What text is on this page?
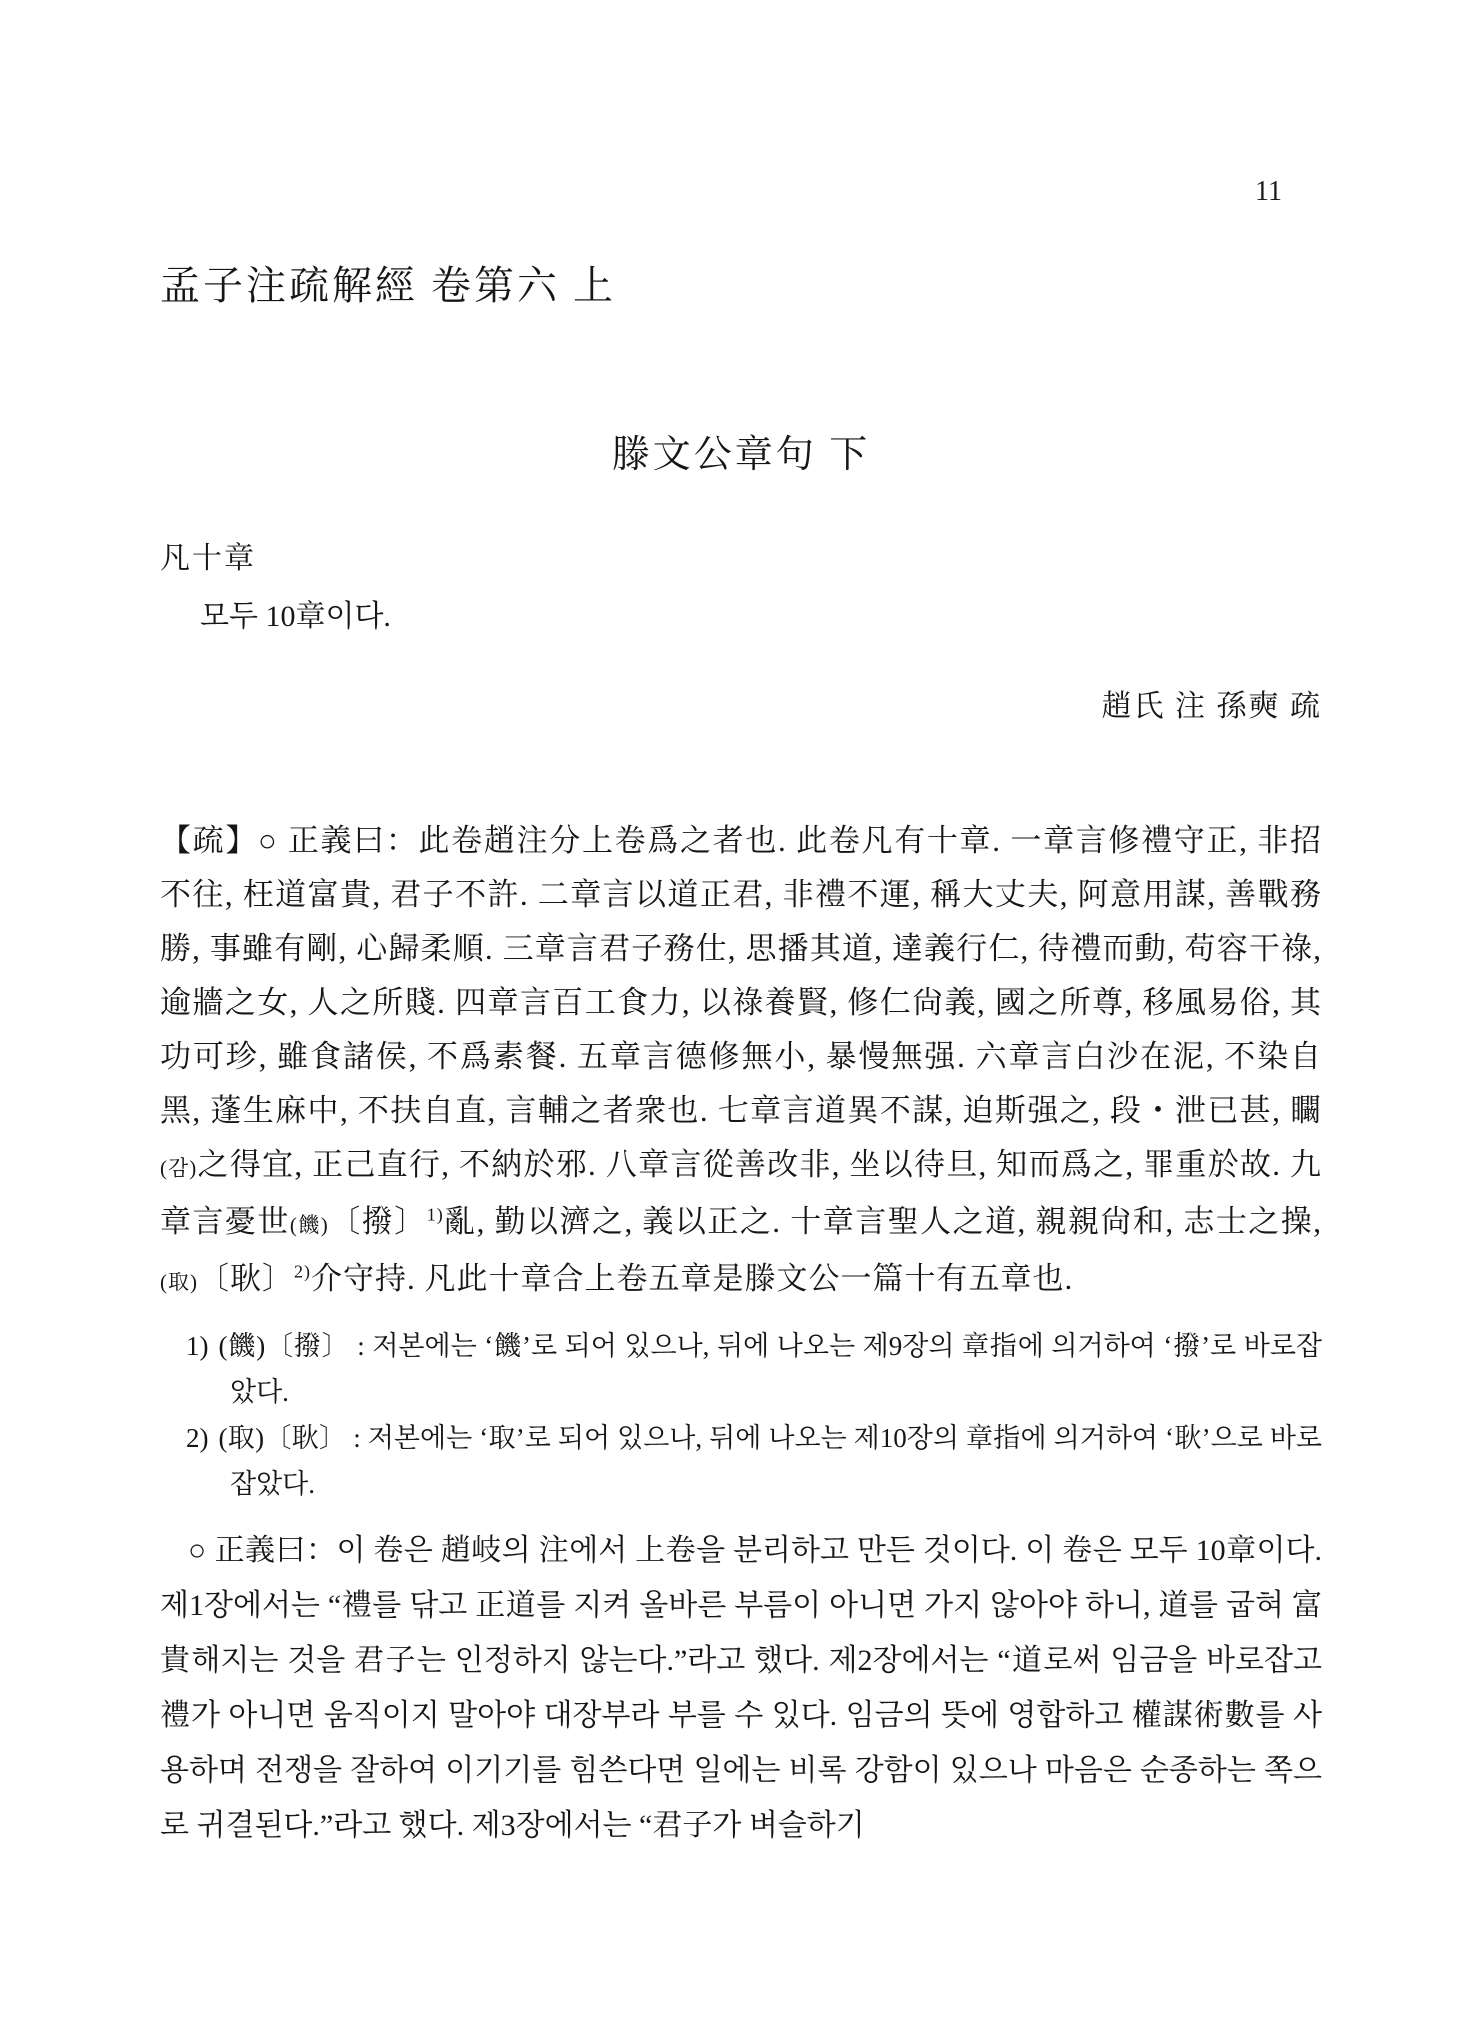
11
孟子注疏解經 卷第六 上
滕文公章句 下

凡十章

모두 10章이다.

趙氏 注 孫奭 疏

【疏】○ 正義曰：此卷趙注分上卷爲之者也. 此卷凡有十章. 一章言修禮守正, 非招不往, 枉道富貴, 君子不許. 二章言以道正君, 非禮不運, 稱大丈夫, 阿意用謀, 善戰務勝, 事雖有剛, 心歸柔順. 三章言君子務仕, 思播其道, 達義行仁, 待禮而動, 苟容干祿, 逾牆之女, 人之所賤. 四章言百工食力, 以祿養賢, 修仁尙義, 國之所尊, 移風易俗, 其功可珍, 雖食諸侯, 不爲素餐. 五章言德修無小, 暴慢無强. 六章言白沙在泥, 不染自黑, 蓬生麻中, 不扶自直, 言輔之者衆也. 七章言道異不謀, 迫斯强之, 段・泄已甚, 矙(감)之得宜, 正己直行, 不納於邪. 八章言從善改非, 坐以待旦, 知而爲之, 罪重於故. 九章言憂世(饑)〔撥〕$^{1)}$亂, 勤以濟之, 義以正之. 十章言聖人之道, 親親尙和, 志士之操, (取)〔耿〕$^{2)}$介守持. 凡此十章合上卷五章是滕文公一篇十有五章也.

1) (饑)〔撥〕 : 저본에는 ‘饑’로 되어 있으나, 뒤에 나오는 제9장의 章指에 의거하여 ‘撥’로 바로잡았다.
2) (取)〔耿〕 : 저본에는 ‘取’로 되어 있으나, 뒤에 나오는 제10장의 章指에 의거하여 ‘耿’으로 바로잡았다.

○ 正義曰：이 卷은 趙岐의 注에서 上卷을 분리하고 만든 것이다. 이 卷은 모두 10章이다. 제1장에서는 “禮를 닦고 正道를 지켜 올바른 부름이 아니면 가지 않아야 하니, 道를 굽혀 富貴해지는 것을 君子는 인정하지 않는다.”라고 했다. 제2장에서는 “道로써 임금을 바로잡고 禮가 아니면 움직이지 말아야 대장부라 부를 수 있다. 임금의 뜻에 영합하고 權謀術數를 사용하며 전쟁을 잘하여 이기기를 힘쓴다면 일에는 비록 강함이 있으나 마음은 순종하는 쪽으로 귀결된다.”라고 했다. 제3장에서는 “君子가 벼슬하기
